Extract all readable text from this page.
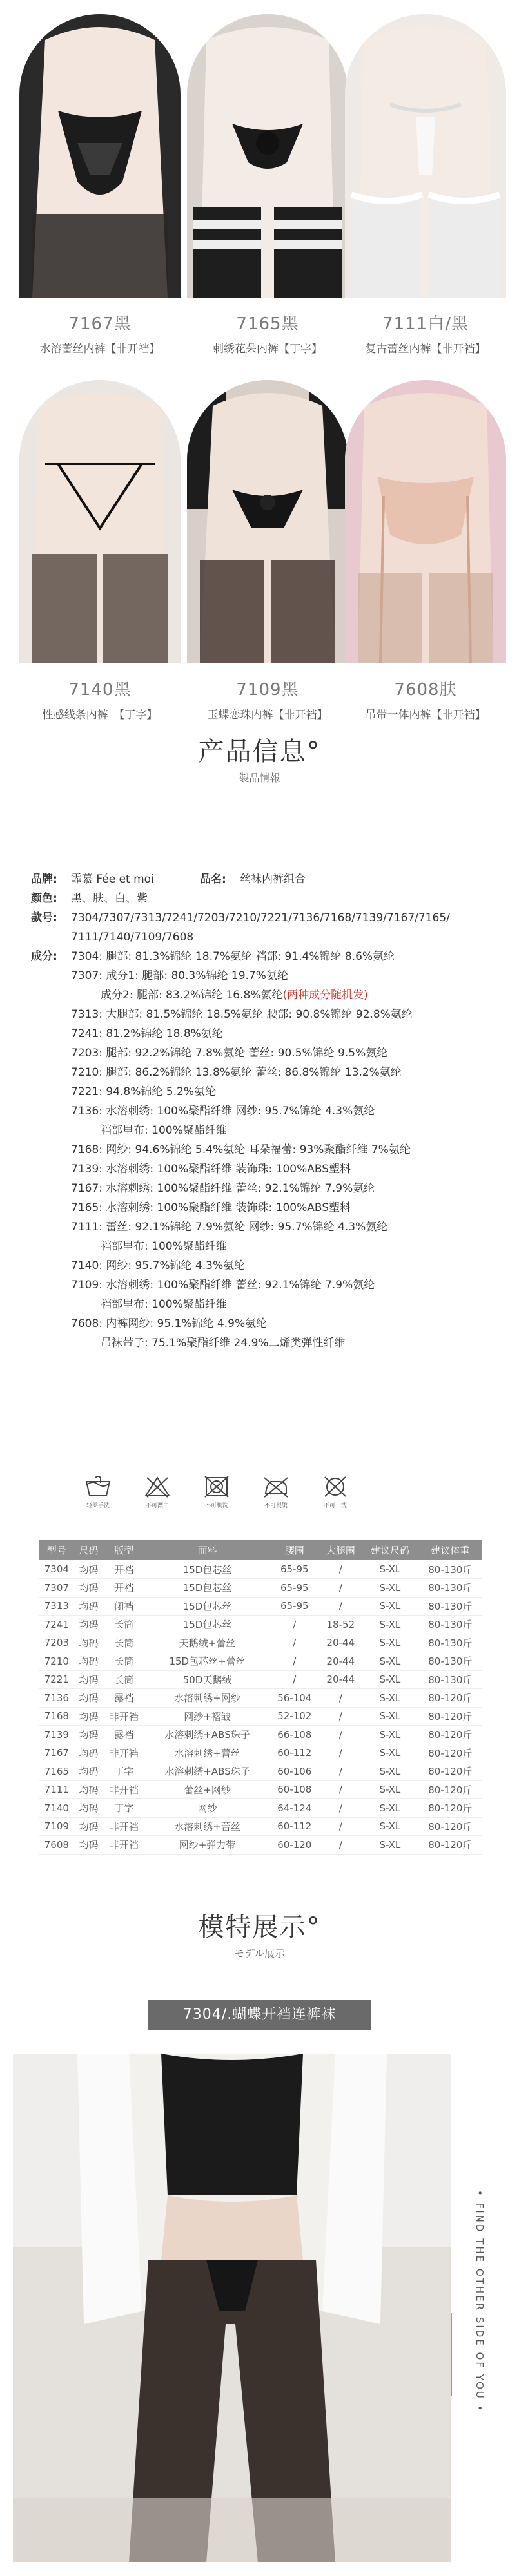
7167黑
水溶蕾丝内裤【非开裆】
7165黑
刺绣花朵内裤【丁字】
7111白/黑
复古蕾丝内裤【非开裆】
7140黑
性感线条内裤　【丁字】
7109黑
玉蝶恋珠内裤【非开裆】
7608肤
吊带一体内裤【非开裆】
产品信息°
製品情報
品牌:	霏慕 Fée et moi	品名:	丝袜内裤组合
颜色:	黑、肤、白、紫
款号:	7304/7307/7313/7241/7203/7210/7221/7136/7168/7139/7167/7165/
7111/7140/7109/7608
成分:	7304: 腿部: 81.3%锦纶 18.7%氨纶 裆部: 91.4%锦纶 8.6%氨纶
7307: 成分1: 腿部: 80.3%锦纶 19.7%氨纶
成分2: 腿部: 83.2%锦纶 16.8%氨纶(两种成分随机发)
7313: 大腿部: 81.5%锦纶 18.5%氨纶 腰部: 90.8%锦纶 92.8%氨纶
7241: 81.2%锦纶 18.8%氨纶
7203: 腿部: 92.2%锦纶 7.8%氨纶 蕾丝: 90.5%锦纶 9.5%氨纶
7210: 腿部: 86.2%锦纶 13.8%氨纶 蕾丝: 86.8%锦纶 13.2%氨纶
7221: 94.8%锦纶 5.2%氨纶
7136: 水溶刺绣: 100%聚酯纤维 网纱: 95.7%锦纶 4.3%氨纶
裆部里布: 100%聚酯纤维
7168: 网纱: 94.6%锦纶 5.4%氨纶 耳朵福蕾: 93%聚酯纤维 7%氨纶
7139: 水溶刺绣: 100%聚酯纤维 装饰珠: 100%ABS塑料
7167: 水溶刺绣: 100%聚酯纤维 蕾丝: 92.1%锦纶 7.9%氨纶
7165: 水溶刺绣: 100%聚酯纤维 装饰珠: 100%ABS塑料
7111: 蕾丝: 92.1%锦纶 7.9%氨纶 网纱: 95.7%锦纶 4.3%氨纶
裆部里布: 100%聚酯纤维
7140: 网纱: 95.7%锦纶 4.3%氨纶
7109: 水溶刺绣: 100%聚酯纤维 蕾丝: 92.1%锦纶 7.9%氨纶
裆部里布: 100%聚酯纤维
7608: 内裤网纱: 95.1%锦纶 4.9%氨纶
吊袜带子: 75.1%聚酯纤维 24.9%二烯类弹性纤维
轻柔手洗	不可漂白	不可机洗	不可熨烫	不可干洗
型号	尺码	版型	面料	腰围	大腿围	建议尺码	建议体重
7304	均码	开裆	15D包芯丝	65-95	/	S-XL	80-130斤
7307	均码	开裆	15D包芯丝	65-95	/	S-XL	80-130斤
7313	均码	闭裆	15D包芯丝	65-95	/	S-XL	80-130斤
7241	均码	长筒	15D包芯丝	/	18-52	S-XL	80-130斤
7203	均码	长筒	天鹅绒+蕾丝	/	20-44	S-XL	80-130斤
7210	均码	长筒	15D包芯丝+蕾丝	/	20-44	S-XL	80-130斤
7221	均码	长筒	50D天鹅绒	/	20-44	S-XL	80-130斤
7136	均码	露裆	水溶刺绣+网纱	56-104	/	S-XL	80-120斤
7168	均码	非开裆	网纱+褶皱	52-102	/	S-XL	80-120斤
7139	均码	露裆	水溶刺绣+ABS珠子	66-108	/	S-XL	80-120斤
7167	均码	非开裆	水溶刺绣+蕾丝	60-112	/	S-XL	80-120斤
7165	均码	丁字	水溶刺绣+ABS珠子	60-106	/	S-XL	80-120斤
7111	均码	非开裆	蕾丝+网纱	60-108	/	S-XL	80-120斤
7140	均码	丁字	网纱	64-124	/	S-XL	80-120斤
7109	均码	非开裆	水溶刺绣+蕾丝	60-112	/	S-XL	80-120斤
7608	均码	非开裆	网纱+弹力带	60-120	/	S-XL	80-120斤
模特展示°
モデル展示
7304/.蝴蝶开裆连裤袜
• FIND THE OTHER SIDE OF YOU •
